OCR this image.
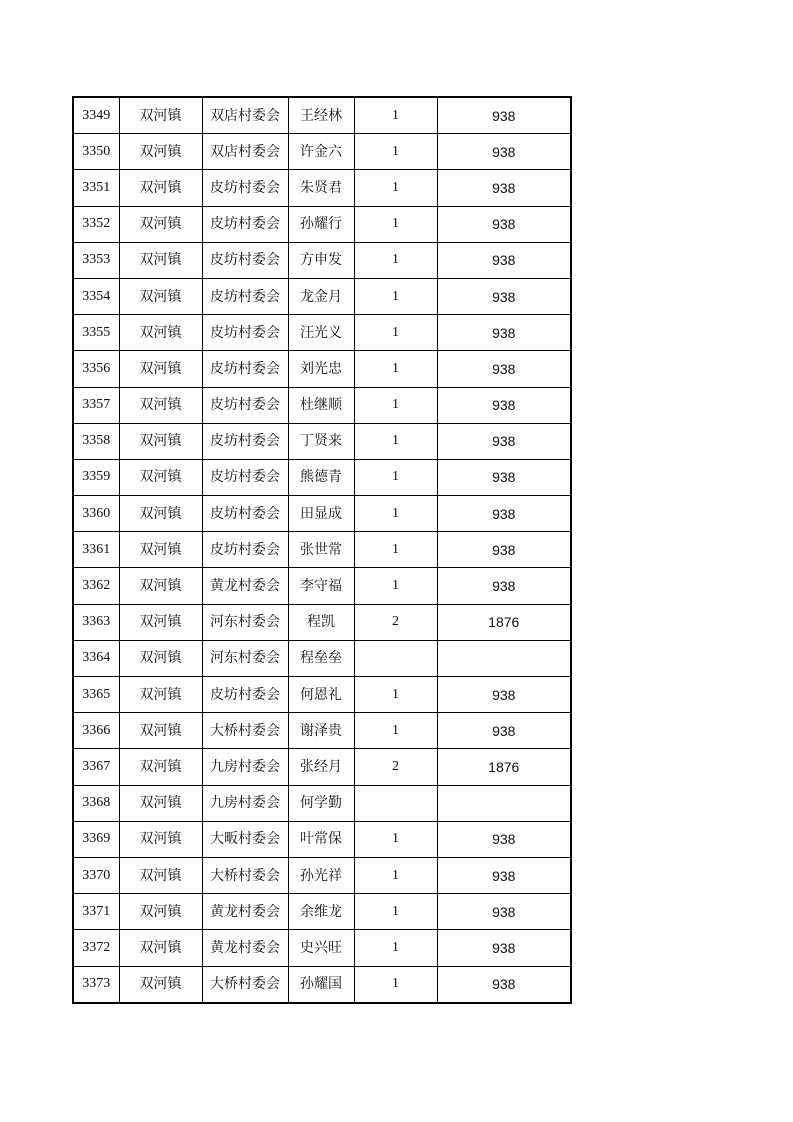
3349	双河镇	双店村委会	王经林	1	938
3350	双河镇	双店村委会	许金六	1	938
3351	双河镇	皮坊村委会	朱贤君	1	938
3352	双河镇	皮坊村委会	孙耀行	1	938
3353	双河镇	皮坊村委会	方申发	1	938
3354	双河镇	皮坊村委会	龙金月	1	938
3355	双河镇	皮坊村委会	汪光义	1	938
3356	双河镇	皮坊村委会	刘光忠	1	938
3357	双河镇	皮坊村委会	杜继顺	1	938
3358	双河镇	皮坊村委会	丁贤来	1	938
3359	双河镇	皮坊村委会	熊德青	1	938
3360	双河镇	皮坊村委会	田显成	1	938
3361	双河镇	皮坊村委会	张世常	1	938
3362	双河镇	黄龙村委会	李守福	1	938
3363	双河镇	河东村委会	程凯	2	1876
3364	双河镇	河东村委会	程垒垒		
3365	双河镇	皮坊村委会	何恩礼	1	938
3366	双河镇	大桥村委会	谢泽贵	1	938
3367	双河镇	九房村委会	张经月	2	1876
3368	双河镇	九房村委会	何学勤		
3369	双河镇	大畈村委会	叶常保	1	938
3370	双河镇	大桥村委会	孙光祥	1	938
3371	双河镇	黄龙村委会	余维龙	1	938
3372	双河镇	黄龙村委会	史兴旺	1	938
3373	双河镇	大桥村委会	孙耀国	1	938
